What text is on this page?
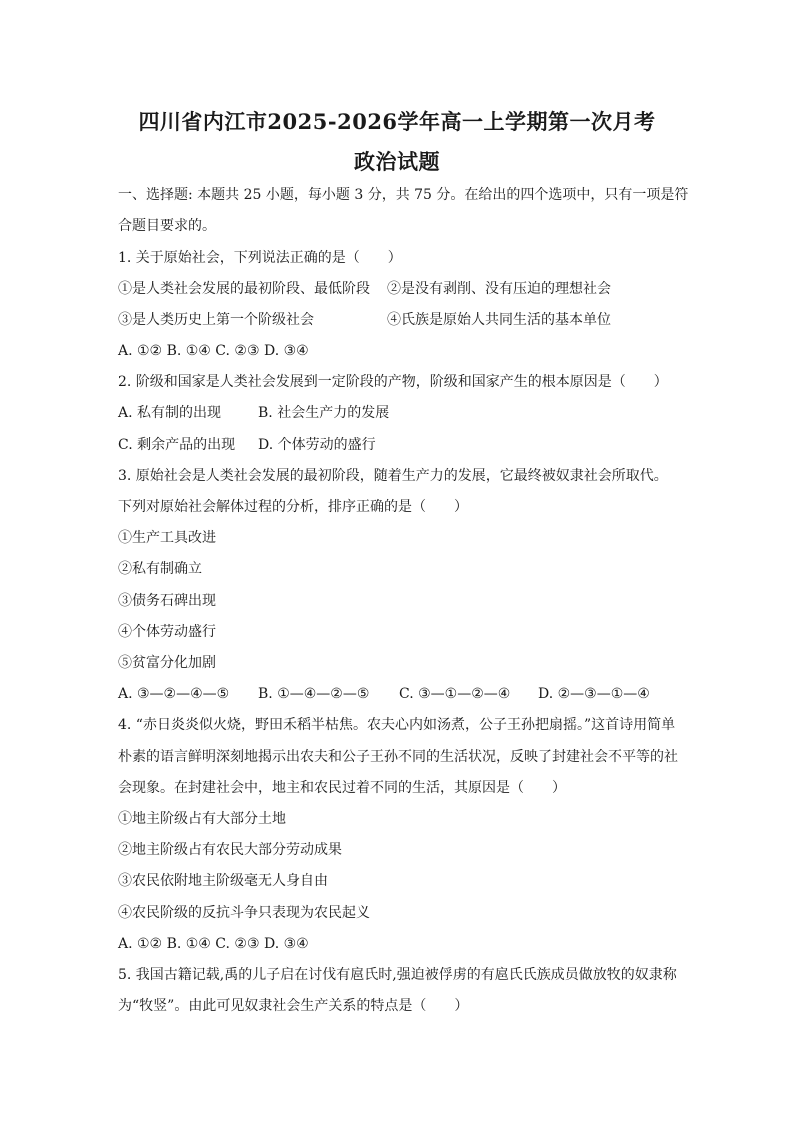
四川省内江市2025-2026学年高一上学期第一次月考
政治试题
一、选择题: 本题共 25 小题，每小题 3 分，共 75 分。在给出的四个选项中，只有一项是符
合题目要求的。
1. 关于原始社会，下列说法正确的是（　　）
①是人类社会发展的最初阶段、最低阶段 ②是没有剥削、没有压迫的理想社会
③是人类历史上第一个阶级社会	④氏族是原始人共同生活的基本单位
A. ①② B. ①④ C. ②③ D. ③④
2. 阶级和国家是人类社会发展到一定阶段的产物，阶级和国家产生的根本原因是（　　）
A. 私有制的出现	B. 社会生产力的发展
C. 剩余产品的出现 D. 个体劳动的盛行
3. 原始社会是人类社会发展的最初阶段，随着生产力的发展，它最终被奴隶社会所取代。
下列对原始社会解体过程的分析，排序正确的是（　　）
①生产工具改进
②私有制确立
③债务石碑出现
④个体劳动盛行
⑤贫富分化加剧
A. ③—②—④—⑤ B. ①—④—②—⑤ C. ③—①—②—④ D. ②—③—①—④
4. “赤日炎炎似火烧，野田禾稻半枯焦。农夫心内如汤煮，公子王孙把扇摇。”这首诗用简单
朴素的语言鲜明深刻地揭示出农夫和公子王孙不同的生活状况，反映了封建社会不平等的社
会现象。在封建社会中，地主和农民过着不同的生活，其原因是（　　）
①地主阶级占有大部分土地
②地主阶级占有农民大部分劳动成果
③农民依附地主阶级毫无人身自由
④农民阶级的反抗斗争只表现为农民起义
A. ①② B. ①④ C. ②③ D. ③④
5. 我国古籍记载,禹的儿子启在讨伐有扈氏时,强迫被俘虏的有扈氏氏族成员做放牧的奴隶称
为“牧竖”。由此可见奴隶社会生产关系的特点是（　　）
